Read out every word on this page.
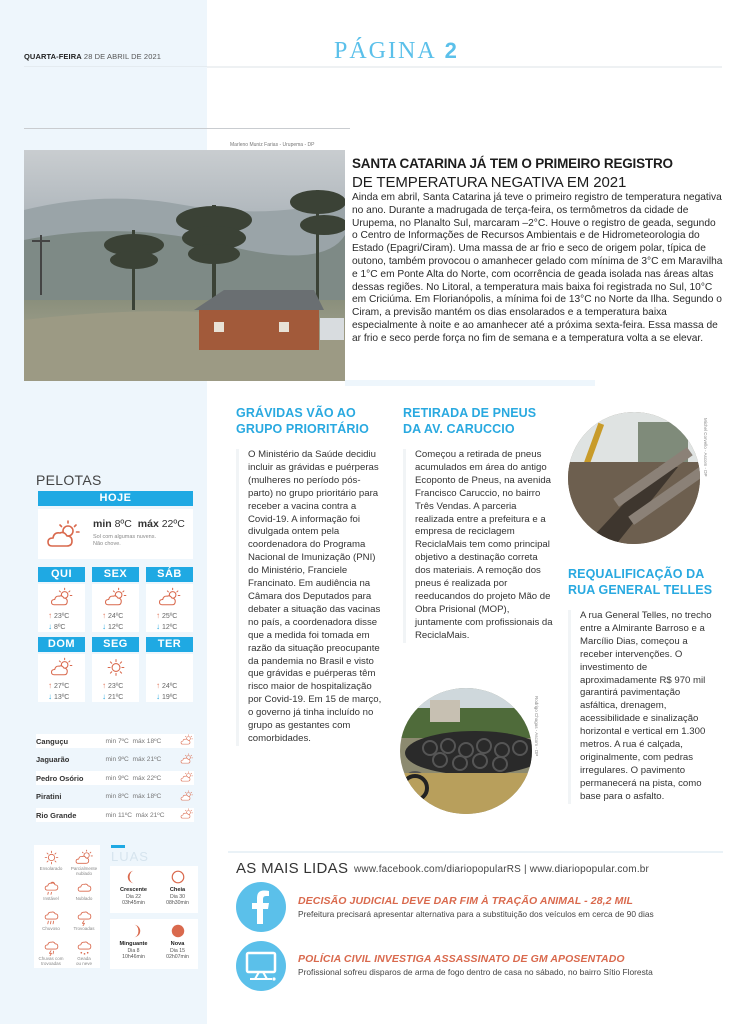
QUARTA-FEIRA 28 DE ABRIL DE 2021	PÁGINA 2
Marleno Muniz Farias - Urupema - DP
SANTA CATARINA JÁ TEM O PRIMEIRO REGISTRO
DE TEMPERATURA NEGATIVA EM 2021
Ainda em abril, Santa Catarina já teve o primeiro registro de temperatura negativa no ano. Durante a madrugada de terça-feira, os termômetros da cidade de Urupema, no Planalto Sul, marcaram –2°C. Houve o registro de geada, segundo o Centro de Informações de Recursos Ambientais e de Hidrometeorologia do Estado (Epagri/Ciram). Uma massa de ar frio e seco de origem polar, típica de outono, também provocou o amanhecer gelado com mínima de 3°C em Maravilha e 1°C em Ponte Alta do Norte, com ocorrência de geada isolada nas áreas altas dessas regiões. No Litoral, a temperatura mais baixa foi registrada no Sul, 10°C em Criciúma. Em Florianópolis, a mínima foi de 13°C no Norte da Ilha. Segundo o Ciram, a previsão mantém os dias ensolarados e a temperatura baixa especialmente à noite e ao amanhecer até a próxima sexta-feira. Essa massa de ar frio e seco perde força no fim de semana e a temperatura volta a se elevar.
GRÁVIDAS VÃO AO
GRUPO PRIORITÁRIO
O Ministério da Saúde decidiu incluir as grávidas e puérperas (mulheres no período pós-parto) no grupo prioritário para receber a vacina contra a Covid-19. A informação foi divulgada ontem pela coordenadora do Programa Nacional de Imunização (PNI) do Ministério, Franciele Francinato. Em audiência na Câmara dos Deputados para debater a situação das vacinas no país, a coordenadora disse que a medida foi tomada em razão da situação preocupante da pandemia no Brasil e visto que grávidas e puérperas têm risco maior de hospitalização por Covid-19. Em 15 de março, o governo já tinha incluído no grupo as gestantes com comorbidades.
RETIRADA DE PNEUS
DA AV. CARUCCIO
Começou a retirada de pneus acumulados em área do antigo Ecoponto de Pneus, na avenida Francisco Caruccio, no bairro Três Vendas. A parceria realizada entre a prefeitura e a empresa de reciclagem ReciclaMais tem como principal objetivo a destinação correta dos materiais. A remoção dos pneus é realizada por reeducandos do projeto Mão de Obra Prisional (MOP), juntamente com profissionais da ReciclaMais.
Rodrigo Chagas - Ascom - DP
Michel Corvello - Ascom - DP
REQUALIFICAÇÃO DA
RUA GENERAL TELLES
A rua General Telles, no trecho entre a Almirante Barroso e a Marcílio Dias, começou a receber intervenções. O investimento de aproximadamente R$ 970 mil garantirá pavimentação asfáltica, drenagem, acessibilidade e sinalização horizontal e vertical em 1.300 metros. A rua é calçada, originalmente, com pedras irregulares. O pavimento permanecerá na pista, como base para o asfalto.
PELOTAS
HOJE
min 8ºC máx 22ºC
Sol com algumas nuvens.
Não chove.
QUI
↑ 23ºC
↓ 8ºC
SEX
↑ 24ºC
↓ 12ºC
SÁB
↑ 25ºC
↓ 12ºC
DOM
↑ 27ºC
↓ 13ºC
SEG
↑ 23ºC
↓ 21ºC
TER
↑ 24ºC
↓ 19ºC
Canguçu	min 7ºC máx 18ºC
Jaguarão	min 9ºC máx 21ºC
Pedro Osório	min 9ºC máx 22ºC
Piratini	min 8ºC máx 18ºC
Rio Grande	min 11ºC máx 21ºC
Ensolarado	Parcialmente
nublado
Instável	Nublado
Chuvoso	Trovoadas
Chuvas com
trovoadas
Geada
ou neve
LUAS
Crescente
Dia 22
03h45min
Cheia
Dia 30
08h30min
Minguante
Dia 8
10h46min
Nova
Dia 15
02h07min
AS MAIS LIDAS www.facebook.com/diariopopularRS | www.diariopopular.com.br
DECISÃO JUDICIAL DEVE DAR FIM À TRAÇÃO ANIMAL - 28,2 MIL
Prefeitura precisará apresentar alternativa para a substituição dos veículos em cerca de 90 dias
POLÍCIA CIVIL INVESTIGA ASSASSINATO DE GM APOSENTADO
Profissional sofreu disparos de arma de fogo dentro de casa no sábado, no bairro Sítio Floresta
